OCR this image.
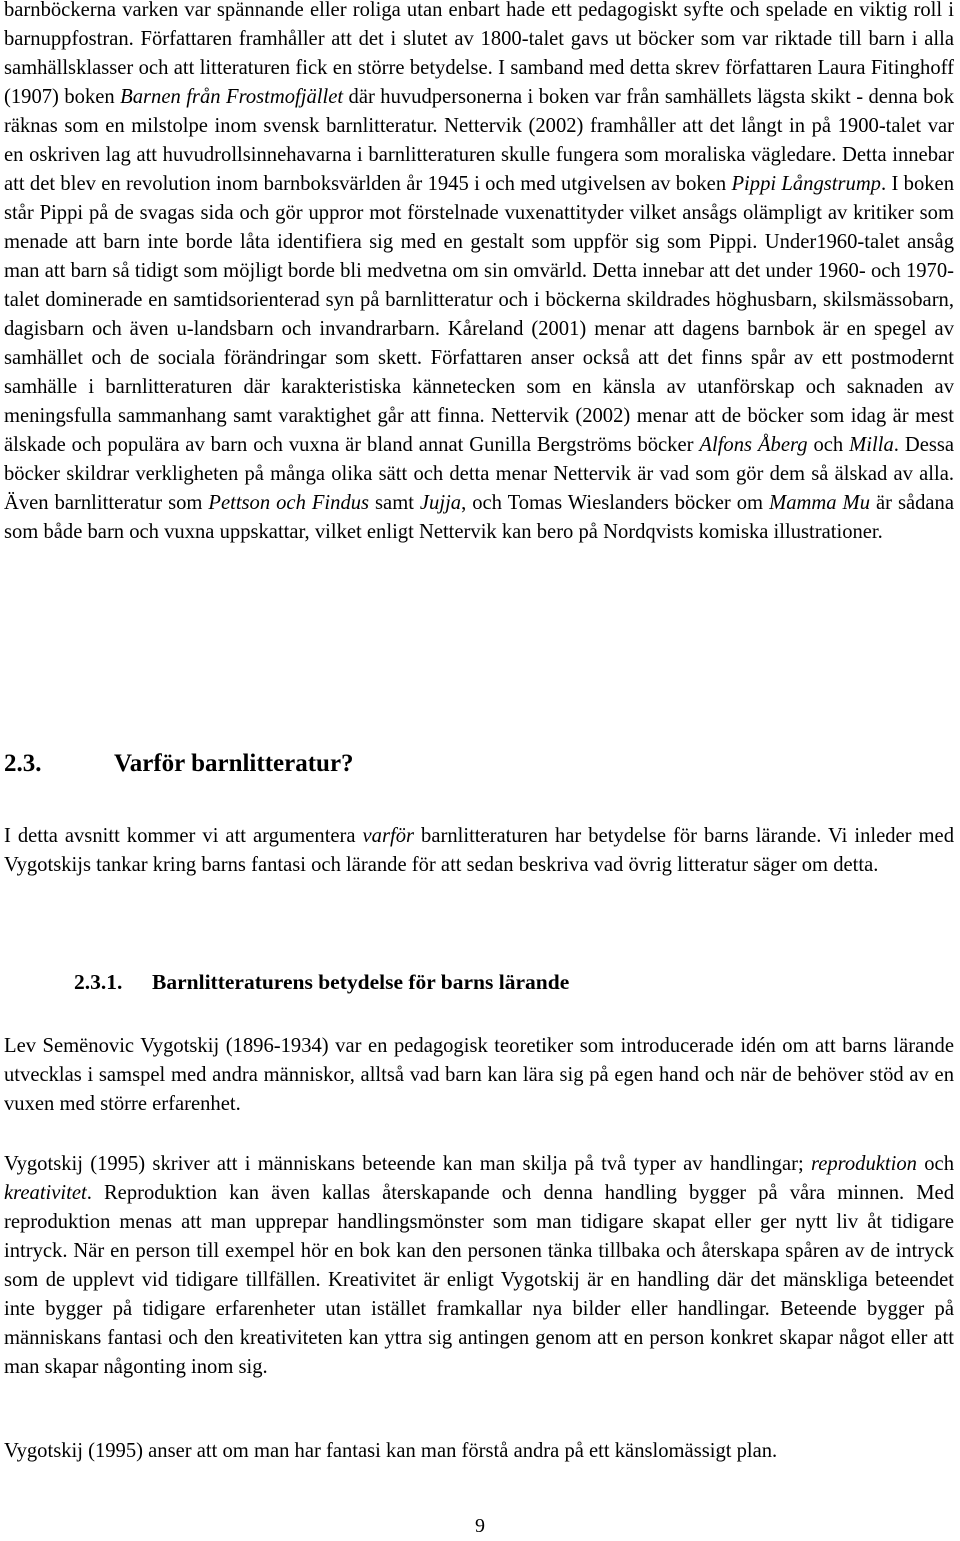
barnböckerna varken var spännande eller roliga utan enbart hade ett pedagogiskt syfte och spelade en viktig roll i barnuppfostran. Författaren framhåller att det i slutet av 1800-talet gavs ut böcker som var riktade till barn i alla samhällsklasser och att litteraturen fick en större betydelse. I samband med detta skrev författaren Laura Fitinghoff (1907) boken Barnen från Frostmofjället där huvudpersonerna i boken var från samhällets lägsta skikt - denna bok räknas som en milstolpe inom svensk barnlitteratur. Nettervik (2002) framhåller att det långt in på 1900-talet var en oskriven lag att huvudrollsinnehavarna i barnlitteraturen skulle fungera som moraliska vägledare. Detta innebar att det blev en revolution inom barnboksvärlden år 1945 i och med utgivelsen av boken Pippi Långstrump. I boken står Pippi på de svagas sida och gör uppror mot förstelnade vuxenattityder vilket ansågs olämpligt av kritiker som menade att barn inte borde låta identifiera sig med en gestalt som uppför sig som Pippi. Under1960-talet ansåg man att barn så tidigt som möjligt borde bli medvetna om sin omvärld. Detta innebar att det under 1960- och 1970-talet dominerade en samtidsorienterad syn på barnlitteratur och i böckerna skildrades höghusbarn, skilsmässobarn, dagisbarn och även u-landsbarn och invandrarbarn. Kåreland (2001) menar att dagens barnbok är en spegel av samhället och de sociala förändringar som skett. Författaren anser också att det finns spår av ett postmodernt samhälle i barnlitteraturen där karakteristiska kännetecken som en känsla av utanförskap och saknaden av meningsfulla sammanhang samt varaktighet går att finna. Nettervik (2002) menar att de böcker som idag är mest älskade och populära av barn och vuxna är bland annat Gunilla Bergströms böcker Alfons Åberg och Milla. Dessa böcker skildrar verkligheten på många olika sätt och detta menar Nettervik är vad som gör dem så älskad av alla. Även barnlitteratur som Pettson och Findus samt Jujja, och Tomas Wieslanders böcker om Mamma Mu är sådana som både barn och vuxna uppskattar, vilket enligt Nettervik kan bero på Nordqvists komiska illustrationer.

2.3.	Varför barnlitteratur?

I detta avsnitt kommer vi att argumentera varför barnlitteraturen har betydelse för barns lärande. Vi inleder med Vygotskijs tankar kring barns fantasi och lärande för att sedan beskriva vad övrig litteratur säger om detta.

2.3.1. Barnlitteraturens betydelse för barns lärande

Lev Semënovic Vygotskij (1896-1934) var en pedagogisk teoretiker som introducerade idén om att barns lärande utvecklas i samspel med andra människor, alltså vad barn kan lära sig på egen hand och när de behöver stöd av en vuxen med större erfarenhet.

Vygotskij (1995) skriver att i människans beteende kan man skilja på två typer av handlingar; reproduktion och kreativitet. Reproduktion kan även kallas återskapande och denna handling bygger på våra minnen. Med reproduktion menas att man upprepar handlingsmönster som man tidigare skapat eller ger nytt liv åt tidigare intryck. När en person till exempel hör en bok kan den personen tänka tillbaka och återskapa spåren av de intryck som de upplevt vid tidigare tillfällen. Kreativitet är enligt Vygotskij är en handling där det mänskliga beteendet inte bygger på tidigare erfarenheter utan istället framkallar nya bilder eller handlingar. Beteende bygger på människans fantasi och den kreativiteten kan yttra sig antingen genom att en person konkret skapar något eller att man skapar någonting inom sig.

Vygotskij (1995) anser att om man har fantasi kan man förstå andra på ett känslomässigt plan.

9
